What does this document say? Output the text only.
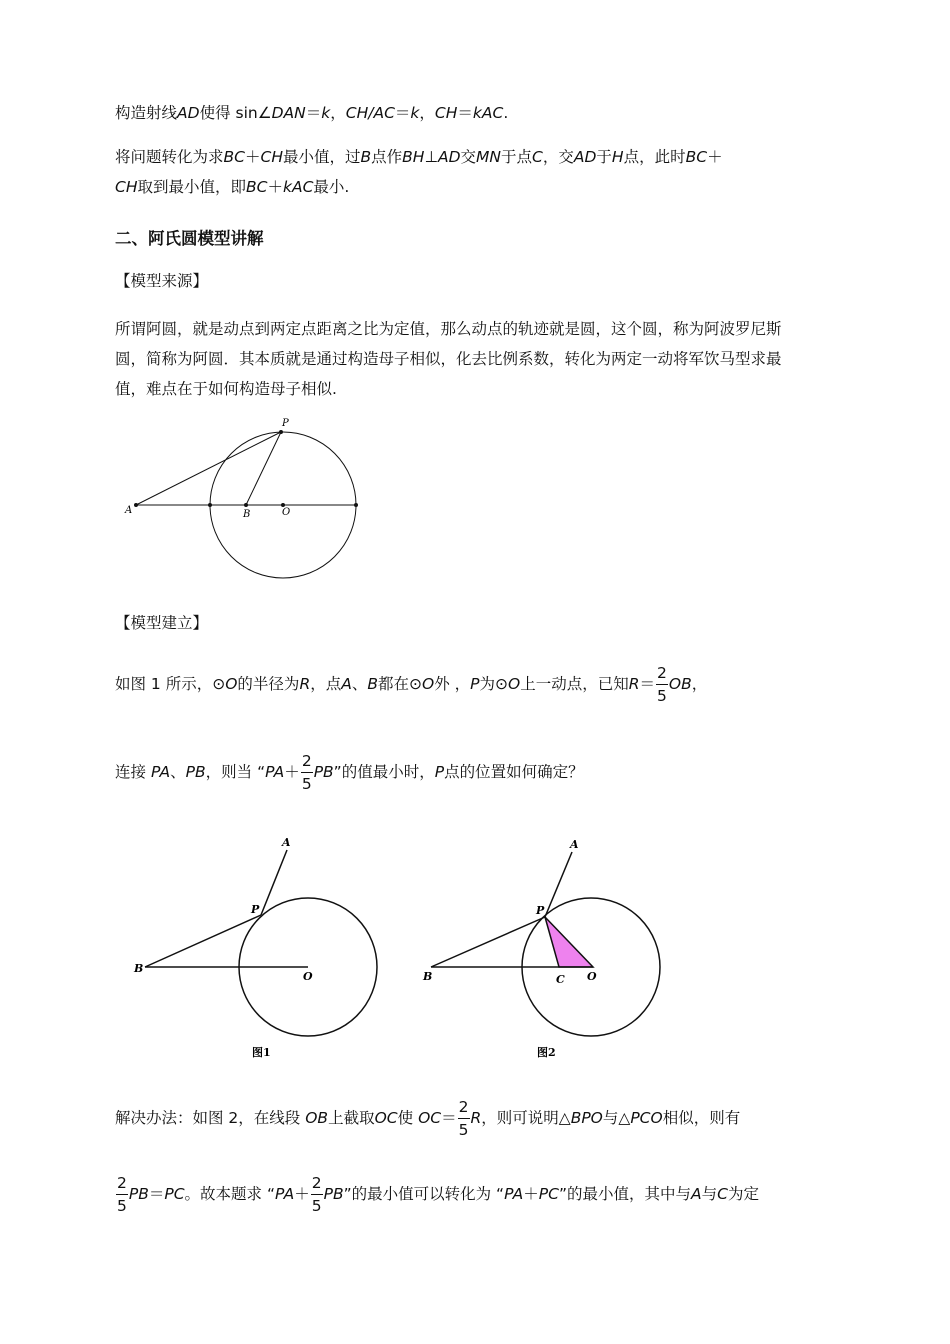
构造射线AD使得 sin∠DAN＝k，CH/AC＝k，CH＝kAC.
将问题转化为求BC＋CH最小值，过B点作BH⊥AD交MN于点C，交AD于H点，此时BC＋
CH取到最小值，即BC＋kAC最小.
二、阿氏圆模型讲解
【模型来源】
所谓阿圆，就是动点到两定点距离之比为定值，那么动点的轨迹就是圆，这个圆，称为阿波罗尼斯
圆，简称为阿圆．其本质就是通过构造母子相似，化去比例系数，转化为两定一动将军饮马型求最
值，难点在于如何构造母子相似.
P
A	B	O
【模型建立】
如图 1 所示，⊙O的半径为R，点A、B都在⊙O外 ，P为⊙O上一动点，已知$R= \frac{2}{5}$ OB，
连接 PA、PB，则当 “$PA+ \frac{2}{5}$ PB”的值最小时，P点的位置如何确定？
A
P
B
O
图1
A
P
B	C O
图2
解决办法：如图 2，在线段 OB上截取OC使 $OC= \frac{2}{5}$ R，则可说明△BPO与△PCO相似，则有
$\frac{2}{5} PB=PC$。故本题求 “$PA+ \frac{2}{5}$ PB”的最小值可以转化为 “PA＋PC”的最小值，其中与A与C为定
